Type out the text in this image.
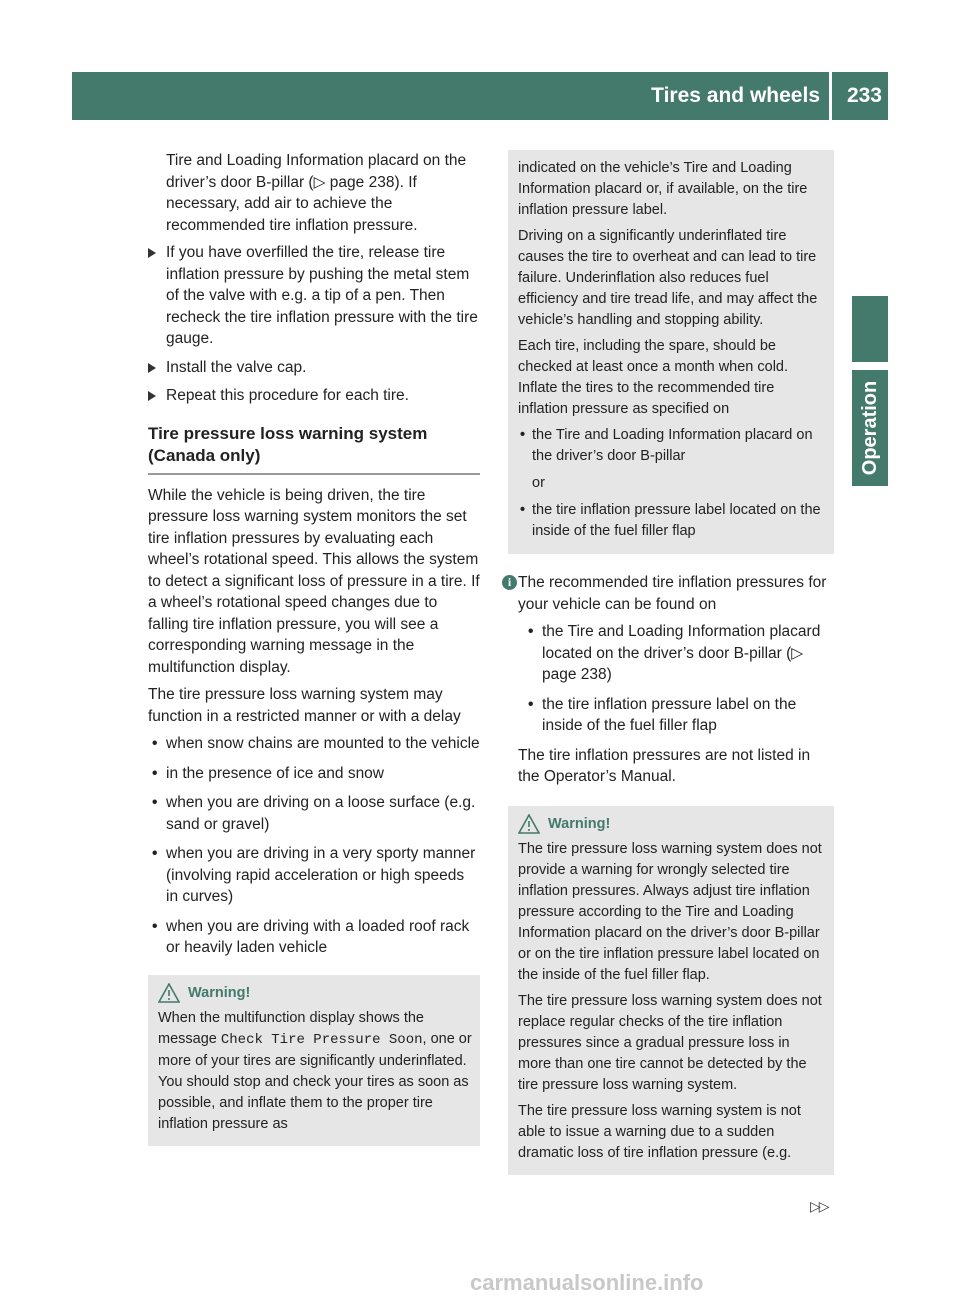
Tires and wheels 233
Operation

Tire and Loading Information placard on the driver’s door B-pillar (▷ page 238). If necessary, add air to achieve the recommended tire inflation pressure.

If you have overfilled the tire, release tire inflation pressure by pushing the metal stem of the valve with e.g. a tip of a pen. Then recheck the tire inflation pressure with the tire gauge.
Install the valve cap.
Repeat this procedure for each tire.
Tire pressure loss warning system (Canada only)

While the vehicle is being driven, the tire pressure loss warning system monitors the set tire inflation pressures by evaluating each wheel’s rotational speed. This allows the system to detect a significant loss of pressure in a tire. If a wheel’s rotational speed changes due to falling tire inflation pressure, you will see a corresponding warning message in the multifunction display.

The tire pressure loss warning system may function in a restricted manner or with a delay

• when snow chains are mounted to the vehicle
• in the presence of ice and snow
• when you are driving on a loose surface (e.g. sand or gravel)
• when you are driving in a very sporty manner (involving rapid acceleration or high speeds in curves)
• when you are driving with a loaded roof rack or heavily laden vehicle
Warning!

When the multifunction display shows the message Check Tire Pressure Soon, one or more of your tires are significantly underinflated. You should stop and check your tires as soon as possible, and inflate them to the proper tire inflation pressure as

indicated on the vehicle’s Tire and Loading Information placard or, if available, on the tire inflation pressure label.

Driving on a significantly underinflated tire causes the tire to overheat and can lead to tire failure. Underinflation also reduces fuel efficiency and tire tread life, and may affect the vehicle’s handling and stopping ability.

Each tire, including the spare, should be checked at least once a month when cold. Inflate the tires to the recommended tire inflation pressure as specified on

• the Tire and Loading Information placard on the driver’s door B-pillar
or
• the tire inflation pressure label located on the inside of the fuel filler flap
i The recommended tire inflation pressures for your vehicle can be found on

• the Tire and Loading Information placard located on the driver’s door B-pillar (▷ page 238)
• the tire inflation pressure label on the inside of the fuel filler flap

The tire inflation pressures are not listed in the Operator’s Manual.

Warning!

The tire pressure loss warning system does not provide a warning for wrongly selected tire inflation pressures. Always adjust tire inflation pressure according to the Tire and Loading Information placard on the driver’s door B-pillar or on the tire inflation pressure label located on the inside of the fuel filler flap.

The tire pressure loss warning system does not replace regular checks of the tire inflation pressures since a gradual pressure loss in more than one tire cannot be detected by the tire pressure loss warning system.

The tire pressure loss warning system is not able to issue a warning due to a sudden dramatic loss of tire inflation pressure (e.g.

▷▷
carmanualsonline.info
